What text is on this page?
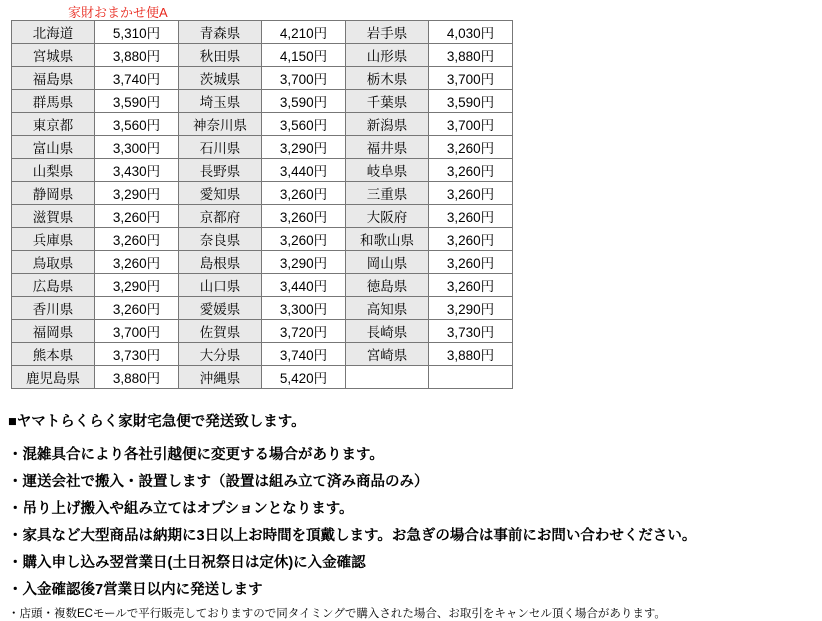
家財おまかせ便A
北海道	5,310円	青森県	4,210円	岩手県	4,030円
宮城県	3,880円	秋田県	4,150円	山形県	3,880円
福島県	3,740円	茨城県	3,700円	栃木県	3,700円
群馬県	3,590円	埼玉県	3,590円	千葉県	3,590円
東京都	3,560円	神奈川県	3,560円	新潟県	3,700円
富山県	3,300円	石川県	3,290円	福井県	3,260円
山梨県	3,430円	長野県	3,440円	岐阜県	3,260円
静岡県	3,290円	愛知県	3,260円	三重県	3,260円
滋賀県	3,260円	京都府	3,260円	大阪府	3,260円
兵庫県	3,260円	奈良県	3,260円	和歌山県	3,260円
鳥取県	3,260円	島根県	3,290円	岡山県	3,260円
広島県	3,290円	山口県	3,440円	徳島県	3,260円
香川県	3,260円	愛媛県	3,300円	高知県	3,290円
福岡県	3,700円	佐賀県	3,720円	長崎県	3,730円
熊本県	3,730円	大分県	3,740円	宮崎県	3,880円
鹿児島県	3,880円	沖縄県	5,420円		

■ヤマトらくらく家財宅急便で発送致します。

・混雑具合により各社引越便に変更する場合があります。

・運送会社で搬入・設置します（設置は組み立て済み商品のみ）

・吊り上げ搬入や組み立てはオプションとなります。

・家具など大型商品は納期に3日以上お時間を頂戴します。お急ぎの場合は事前にお問い合わせください。

・購入申し込み翌営業日(土日祝祭日は定休)に入金確認

・入金確認後7営業日以内に発送します

・店頭・複数ECモールで平行販売しておりますので同タイミングで購入された場合、お取引をキャンセル頂く場合があります。
